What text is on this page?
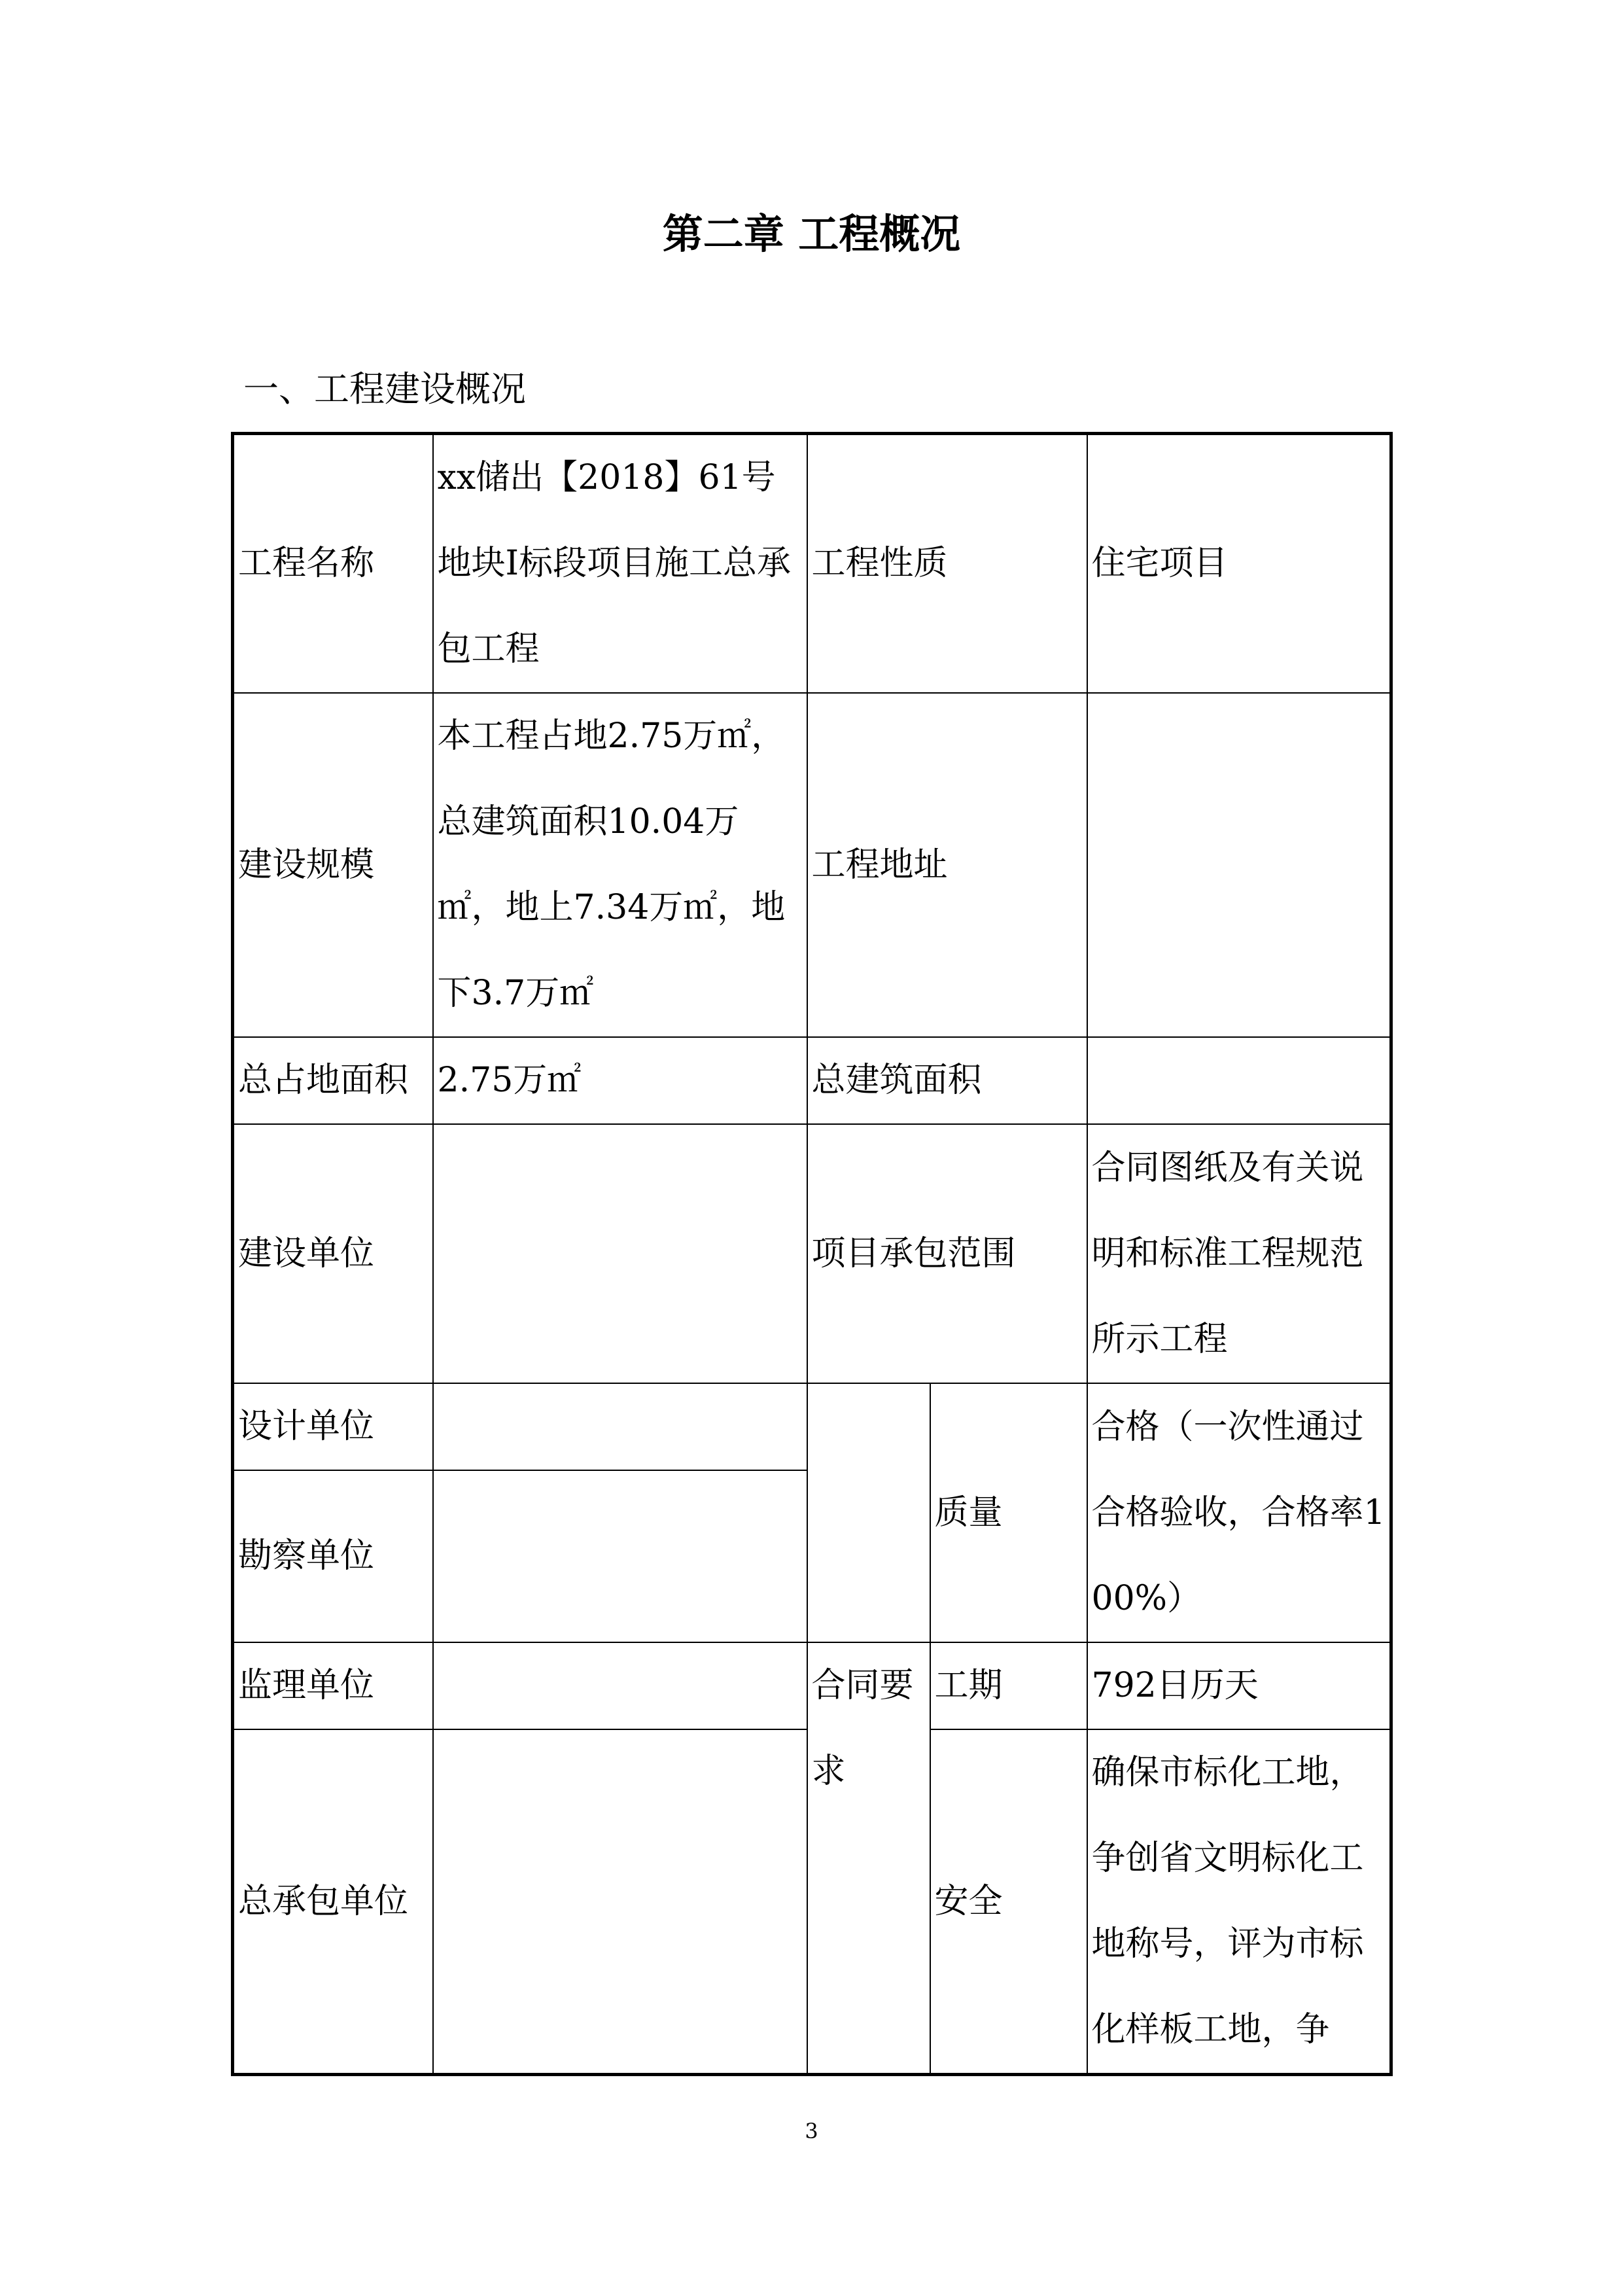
第二章 工程概况

一、工程建设概况

工程名称	xx储出【2018】61号地块Ⅰ标段项目施工总承包工程	工程性质		住宅项目
建设规模	本工程占地2.75万㎡，总建筑面积10.04万㎡，地上7.34万㎡，地下3.7万㎡	工程地址		
总占地面积	2.75万㎡	总建筑面积		
建设单位		项目承包范围		合同图纸及有关说明和标准工程规范所示工程
设计单位			质量	合格（一次性通过合格验收，合格率100%）
勘察单位				
监理单位		合同要求	工期	792日历天
总承包单位			安全	确保市标化工地，争创省文明标化工地称号，评为市标化样板工地，争
3
